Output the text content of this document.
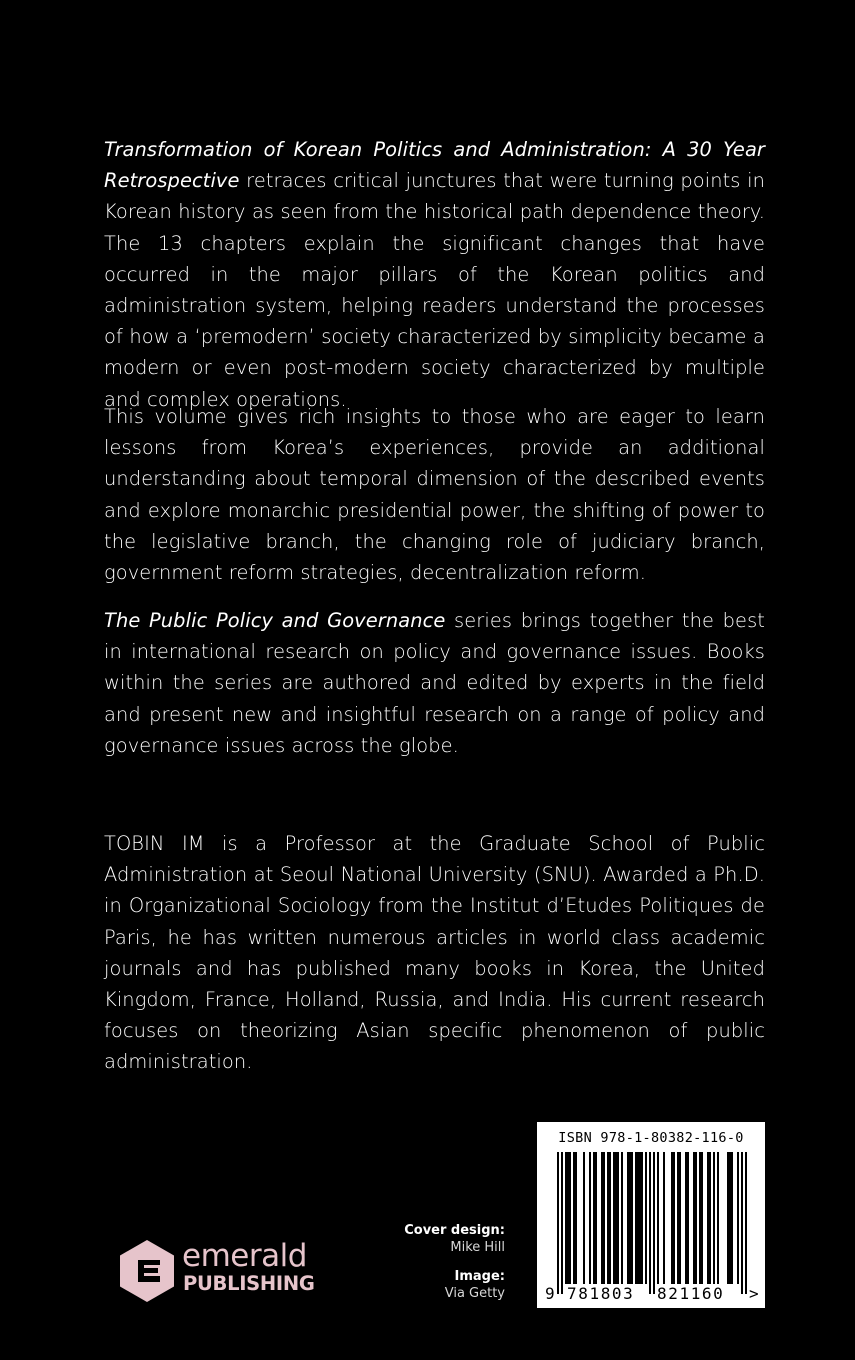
Transformation of Korean Politics and Administration: A 30 Year Retrospective retraces critical junctures that were turning points in Korean history as seen from the historical path dependence theory. The 13 chapters explain the significant changes that have occurred in the major pillars of the Korean politics and administration system, helping readers understand the processes of how a ‘premodern’ society characterized by simplicity became a modern or even post-modern society characterized by multiple and complex operations.

This volume gives rich insights to those who are eager to learn lessons from Korea’s experiences, provide an additional understanding about temporal dimension of the described events and explore monarchic presidential power, the shifting of power to the legislative branch, the changing role of judiciary branch, government reform strategies, decentralization reform.

The Public Policy and Governance series brings together the best in international research on policy and governance issues. Books within the series are authored and edited by experts in the field and present new and insightful research on a range of policy and governance issues across the globe.

TOBIN IM is a Professor at the Graduate School of Public Administration at Seoul National University (SNU). Awarded a Ph.D. in Organizational Sociology from the Institut d’Etudes Politiques de Paris, he has written numerous articles in world class academic journals and has published many books in Korea, the United Kingdom, France, Holland, Russia, and India. His current research focuses on theorizing Asian specific phenomenon of public administration.

emerald
PUBLISHING
Cover design:
Mike Hill
Image:
Via Getty
ISBN 978-1-80382-116-0
9 781803 821160 >
